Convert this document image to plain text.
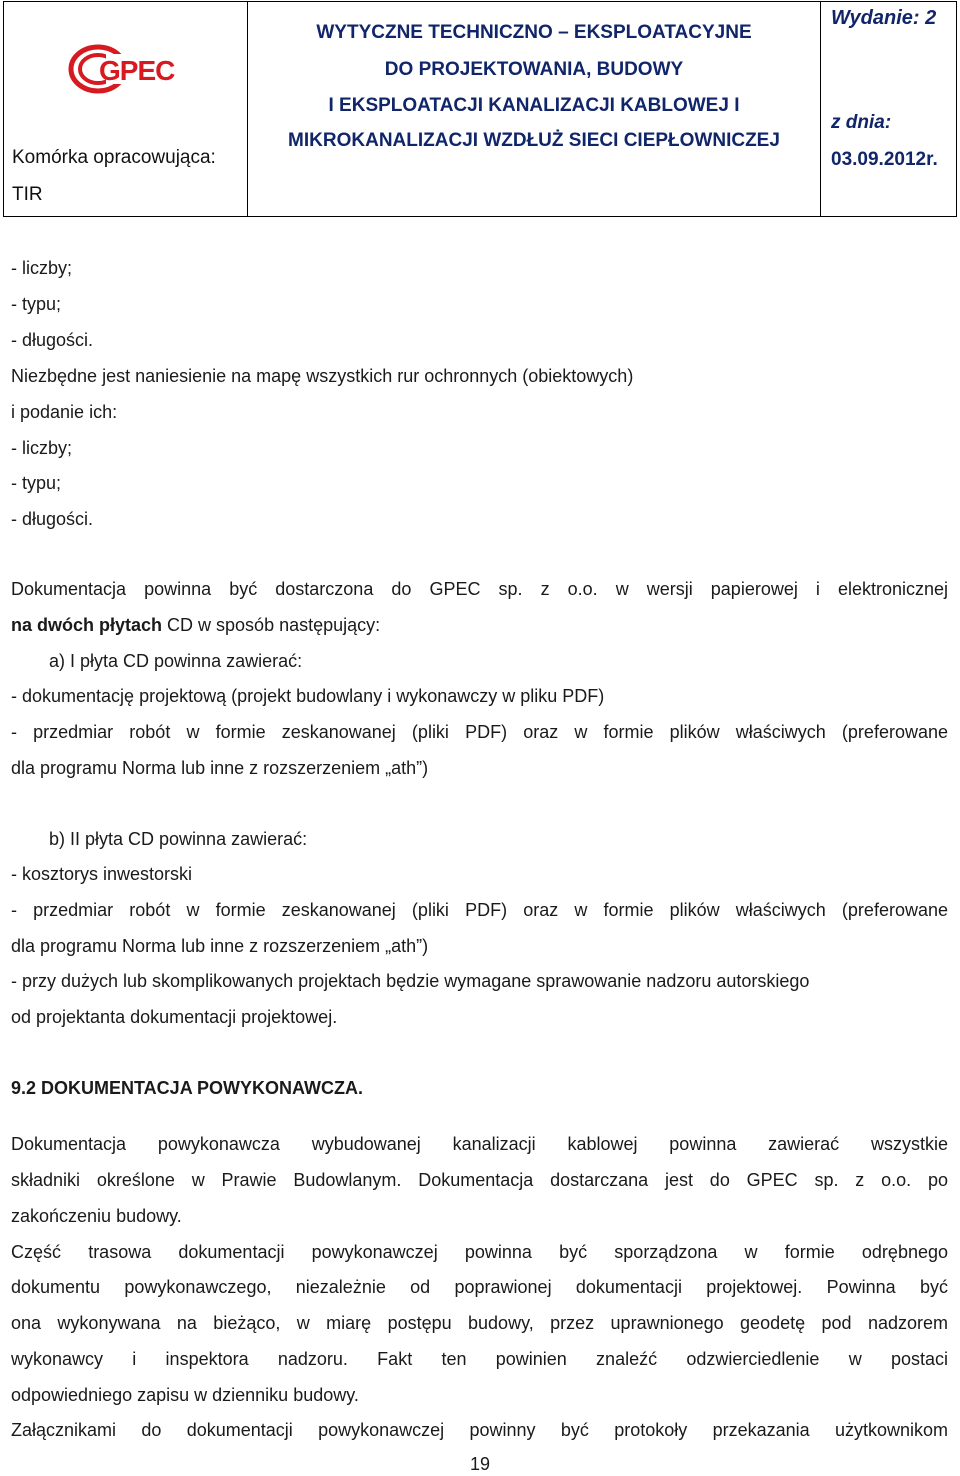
GPEC
Komórka opracowująca:
TIR
WYTYCZNE TECHNICZNO – EKSPLOATACYJNE
DO PROJEKTOWANIA, BUDOWY
I EKSPLOATACJI KANALIZACJI KABLOWEJ I
MIKROKANALIZACJI WZDŁUŻ SIECI CIEPŁOWNICZEJ
Wydanie: 2
z dnia:
03.09.2012r.
- liczby;
- typu;
- długości.
Niezbędne jest naniesienie na mapę wszystkich rur ochronnych (obiektowych)
i podanie ich:
- liczby;
- typu;
- długości.
Dokumentacja powinna być dostarczona do GPEC sp. z o.o. w wersji papierowej i elektronicznej
na dwóch płytach CD w sposób następujący:
a) I płyta CD powinna zawierać:
- dokumentację projektową (projekt budowlany i wykonawczy w pliku PDF)
- przedmiar robót w formie zeskanowanej (pliki PDF) oraz w formie plików właściwych (preferowane
dla programu Norma lub inne z rozszerzeniem „ath”)
b) II płyta CD powinna zawierać:
- kosztorys inwestorski
- przedmiar robót w formie zeskanowanej (pliki PDF) oraz w formie plików właściwych (preferowane
dla programu Norma lub inne z rozszerzeniem „ath”)
- przy dużych lub skomplikowanych projektach będzie wymagane sprawowanie nadzoru autorskiego
od projektanta dokumentacji projektowej.
9.2 DOKUMENTACJA POWYKONAWCZA.
Dokumentacja powykonawcza wybudowanej kanalizacji kablowej powinna zawierać wszystkie
składniki określone w Prawie Budowlanym. Dokumentacja dostarczana jest do GPEC sp. z o.o. po
zakończeniu budowy.
Część trasowa dokumentacji powykonawczej powinna być sporządzona w formie odrębnego
dokumentu powykonawczego, niezależnie od poprawionej dokumentacji projektowej. Powinna być
ona wykonywana na bieżąco, w miarę postępu budowy, przez uprawnionego geodetę pod nadzorem
wykonawcy i inspektora nadzoru. Fakt ten powinien znaleźć odzwierciedlenie w postaci
odpowiedniego zapisu w dzienniku budowy.
Załącznikami do dokumentacji powykonawczej powinny być protokoły przekazania użytkownikom
19
